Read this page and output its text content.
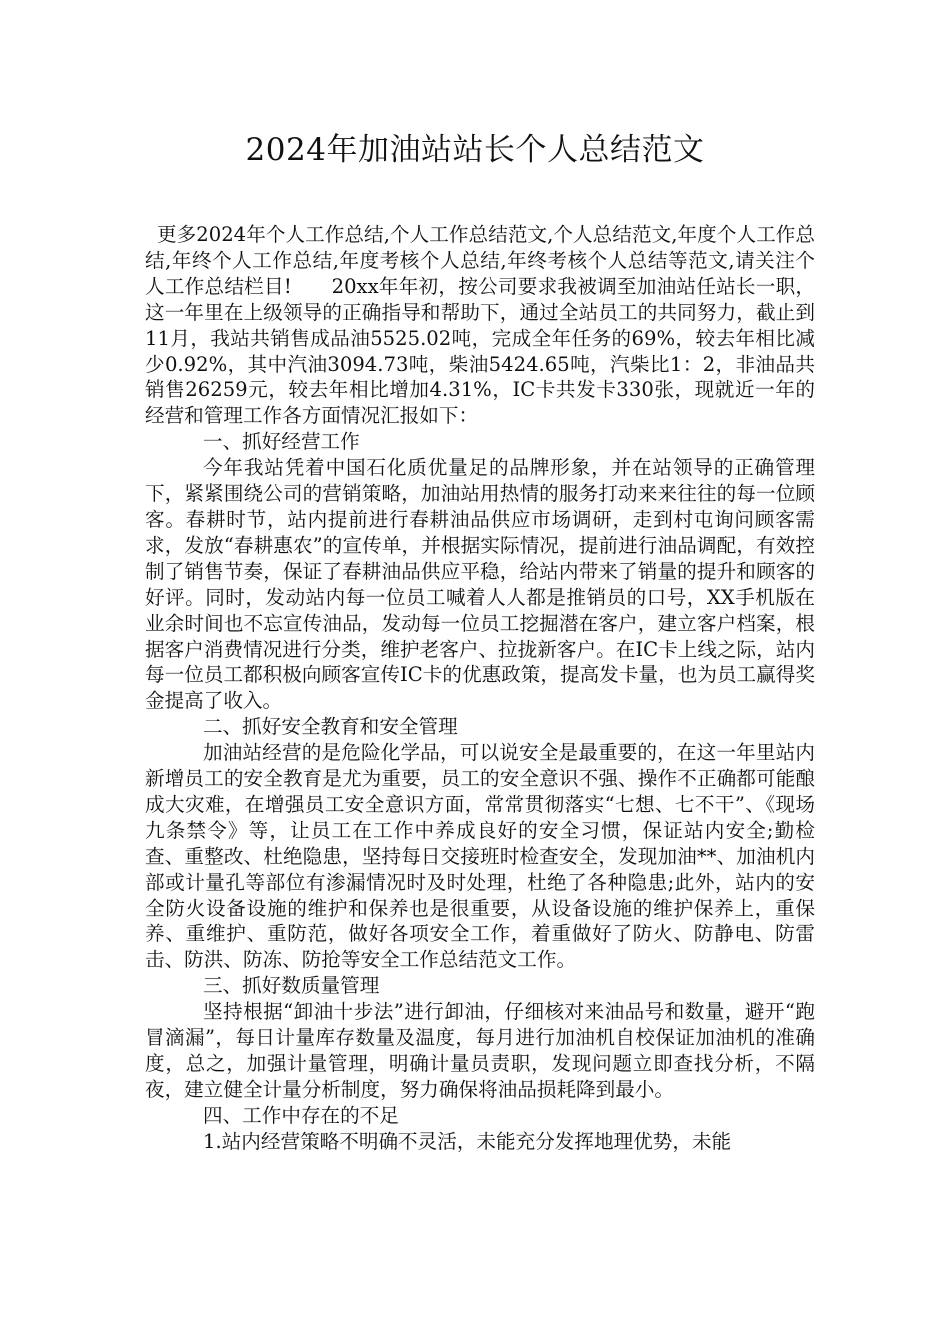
2024年加油站站长个人总结范文

更多2024年个人工作总结,个人工作总结范文,个人总结范文,年度个人工作总结,年终个人工作总结,年度考核个人总结,年终考核个人总结等范文,请关注个人工作总结栏目!　　20xx年年初，按公司要求我被调至加油站任站长一职，这一年里在上级领导的正确指导和帮助下，通过全站员工的共同努力，截止到11月，我站共销售成品油5525.02吨，完成全年任务的69%，较去年相比减少0.92%，其中汽油3094.73吨，柴油5424.65吨，汽柴比1：2，非油品共销售26259元，较去年相比增加4.31%，IC卡共发卡330张，现就近一年的经营和管理工作各方面情况汇报如下：

一、抓好经营工作

今年我站凭着中国石化质优量足的品牌形象，并在站领导的正确管理下，紧紧围绕公司的营销策略，加油站用热情的服务打动来来往往的每一位顾客。春耕时节，站内提前进行春耕油品供应市场调研，走到村屯询问顾客需求，发放“春耕惠农”的宣传单，并根据实际情况，提前进行油品调配，有效控制了销售节奏，保证了春耕油品供应平稳，给站内带来了销量的提升和顾客的好评。同时，发动站内每一位员工喊着人人都是推销员的口号，XX手机版在业余时间也不忘宣传油品，发动每一位员工挖掘潜在客户，建立客户档案，根据客户消费情况进行分类，维护老客户、拉拢新客户。在IC卡上线之际，站内每一位员工都积极向顾客宣传IC卡的优惠政策，提高发卡量，也为员工赢得奖金提高了收入。

二、抓好安全教育和安全管理

加油站经营的是危险化学品，可以说安全是最重要的，在这一年里站内新增员工的安全教育是尤为重要，员工的安全意识不强、操作不正确都可能酿成大灾难，在增强员工安全意识方面，常常贯彻落实“七想、七不干”、《现场九条禁令》等，让员工在工作中养成良好的安全习惯，保证站内安全;勤检查、重整改、杜绝隐患，坚持每日交接班时检查安全，发现加油**、加油机内部或计量孔等部位有渗漏情况时及时处理，杜绝了各种隐患;此外，站内的安全防火设备设施的维护和保养也是很重要，从设备设施的维护保养上，重保养、重维护、重防范，做好各项安全工作，着重做好了防火、防静电、防雷击、防洪、防冻、防抢等安全工作总结范文工作。

三、抓好数质量管理

坚持根据“卸油十步法”进行卸油，仔细核对来油品号和数量，避开“跑冒滴漏”，每日计量库存数量及温度，每月进行加油机自校保证加油机的准确度，总之，加强计量管理，明确计量员责职，发现问题立即查找分析，不隔夜，建立健全计量分析制度，努力确保将油品损耗降到最小。

四、工作中存在的不足

1.站内经营策略不明确不灵活，未能充分发挥地理优势，未能
